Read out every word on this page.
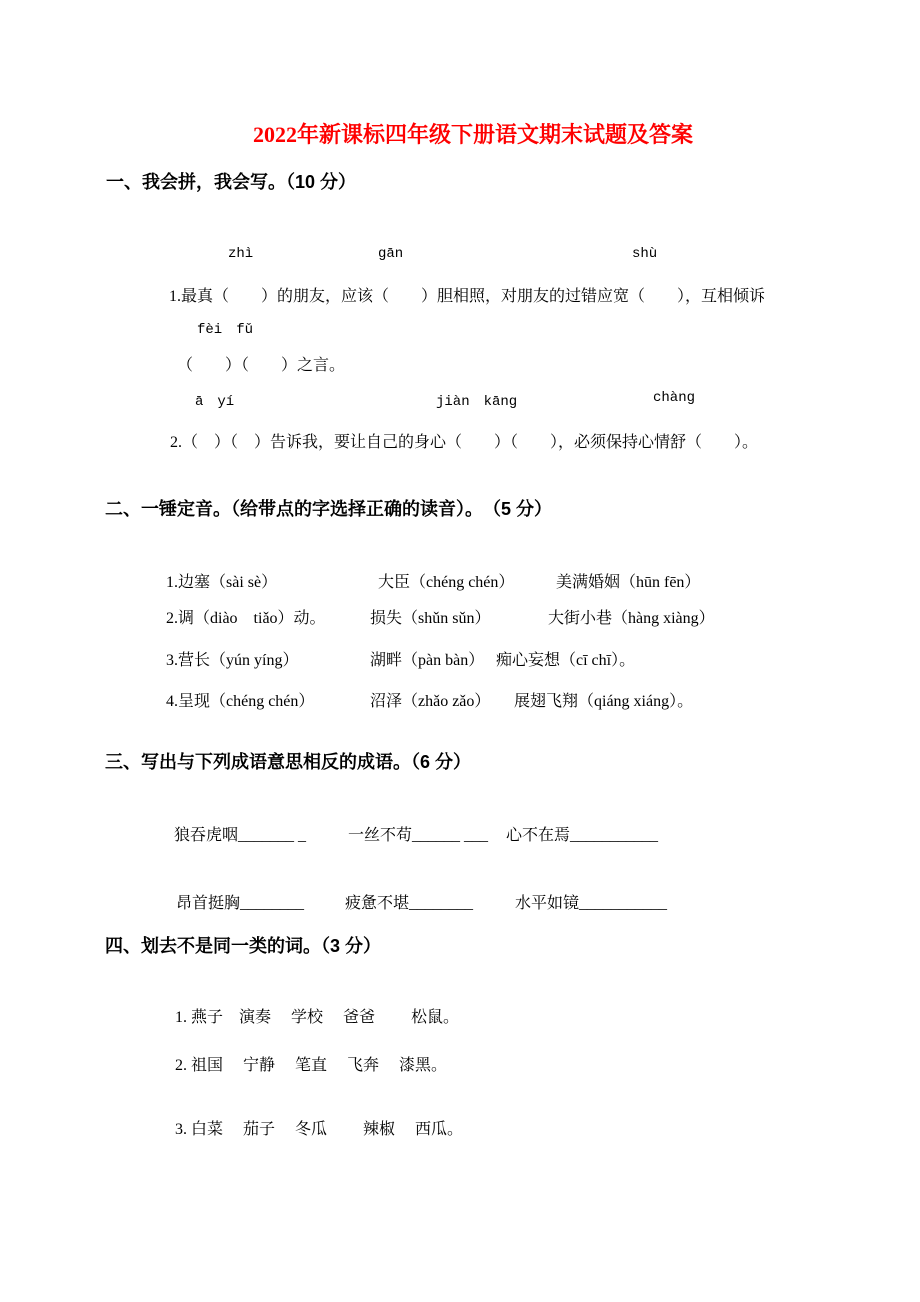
2022年新课标四年级下册语文期末试题及答案
一、我会拼，我会写。（10 分）
zhì	gān	shù
1.最真（　　）的朋友，应该（　　）胆相照，对朋友的过错应宽（　　），互相倾诉
fèi　fǔ
（　　）（　　）之言。
ā　yí	jiàn　kāng	chàng
2.（　）（　）告诉我，要让自己的身心（　　）（　　），必须保持心情舒（　　）。
二、一锤定音。（给带点的字选择正确的读音）。　（5 分）
1.边塞（sài sè）	大臣（chéng chén）	美满婚姻（hūn fēn）
2.调（diào　tiǎo）动。	损失（shǔn sǔn）	大街小巷（hàng xiàng）
3.营长（yún yíng）	湖畔（pàn bàn） 痴心妄想（cī chī）。
4.呈现（chéng chén）	沼泽（zhǎo zǎo） 展翅飞翔（qiáng xiáng）。
三、写出与下列成语意思相反的成语。（6 分）
狼吞虎咽_______ _	一丝不苟______ ___ 心不在焉___________
昂首挺胸________	疲惫不堪________	水平如镜___________
四、划去不是同一类的词。（3 分）
1. 燕子　演奏　 学校　 爸爸　　 松鼠。
2. 祖国　 宁静　 笔直　 飞奔　 漆黑。
3. 白菜　 茄子　 冬瓜　　 辣椒　 西瓜。
